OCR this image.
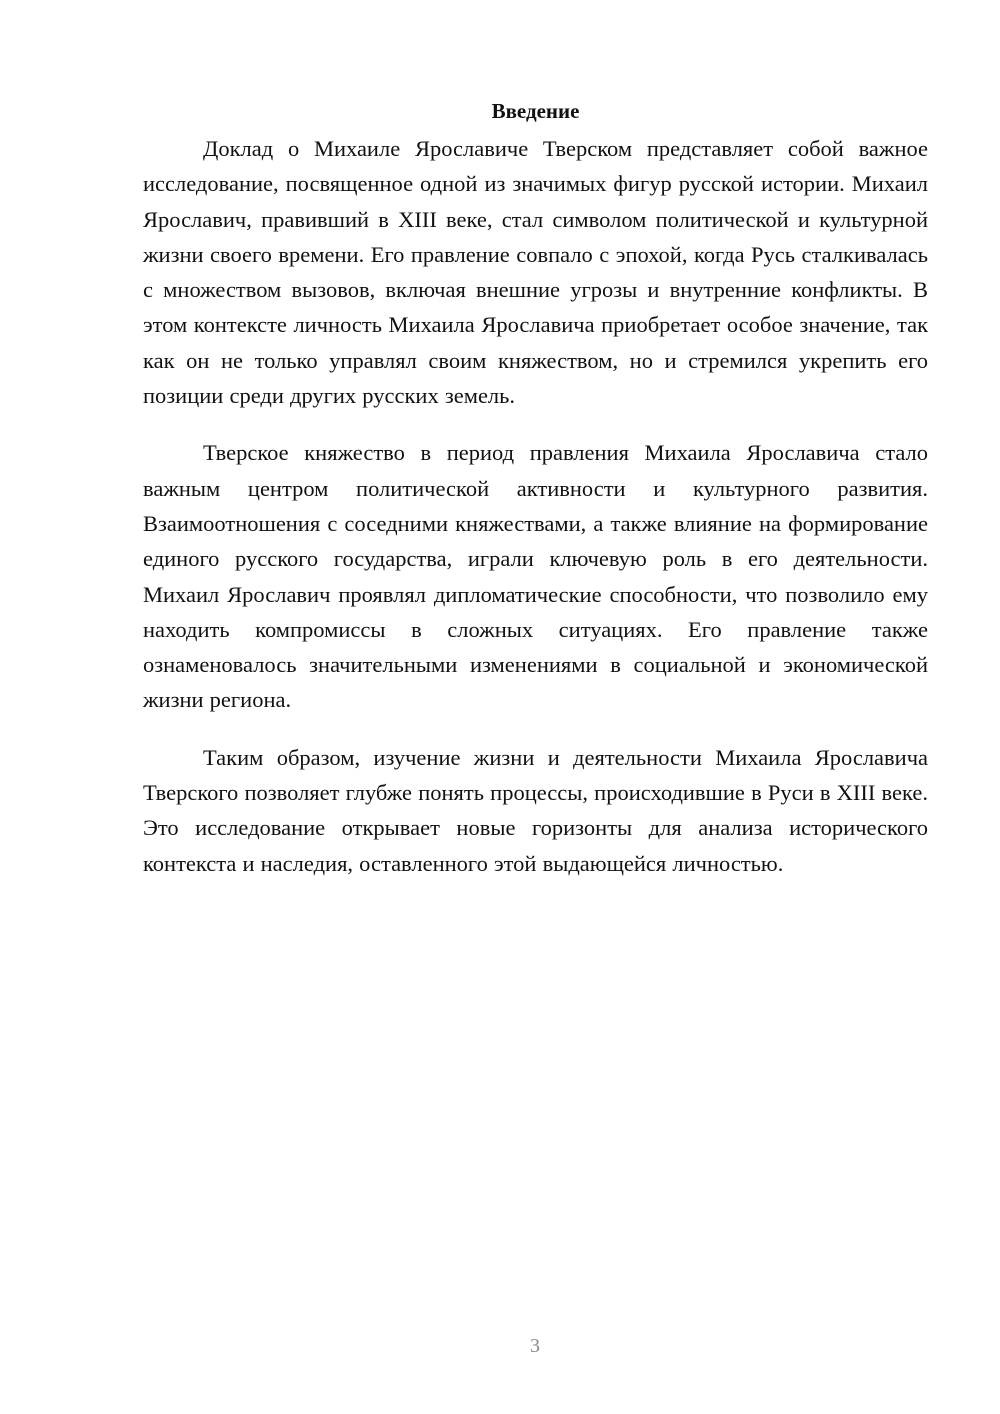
Введение

Доклад о Михаиле Ярославиче Тверском представляет собой важное исследование, посвященное одной из значимых фигур русской истории. Михаил Ярославич, правивший в XIII веке, стал символом политической и культурной жизни своего времени. Его правление совпало с эпохой, когда Русь сталкивалась с множеством вызовов, включая внешние угрозы и внутренние конфликты. В этом контексте личность Михаила Ярославича приобретает особое значение, так как он не только управлял своим княжеством, но и стремился укрепить его позиции среди других русских земель.

Тверское княжество в период правления Михаила Ярославича стало важным центром политической активности и культурного развития. Взаимоотношения с соседними княжествами, а также влияние на формирование единого русского государства, играли ключевую роль в его деятельности. Михаил Ярославич проявлял дипломатические способности, что позволило ему находить компромиссы в сложных ситуациях. Его правление также ознаменовалось значительными изменениями в социальной и экономической жизни региона.

Таким образом, изучение жизни и деятельности Михаила Ярославича Тверского позволяет глубже понять процессы, происходившие в Руси в XIII веке. Это исследование открывает новые горизонты для анализа исторического контекста и наследия, оставленного этой выдающейся личностью.

3
